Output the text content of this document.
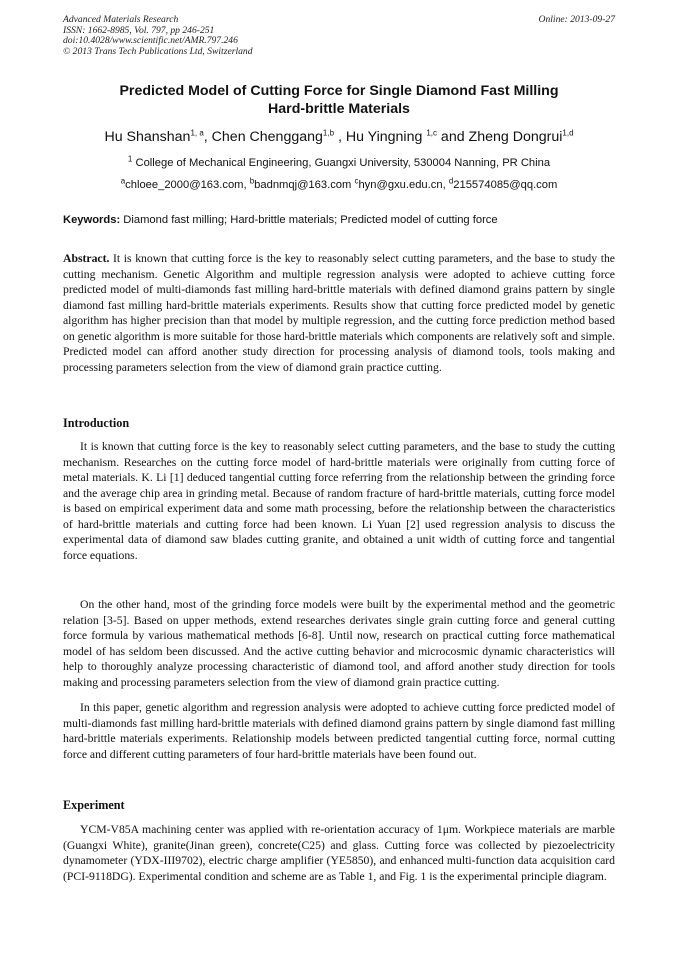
Advanced Materials Research
ISSN: 1662-8985, Vol. 797, pp 246-251
doi:10.4028/www.scientific.net/AMR.797.246
© 2013 Trans Tech Publications Ltd, Switzerland
Online: 2013-09-27
Predicted Model of Cutting Force for Single Diamond Fast Milling
Hard-brittle Materials
Hu Shanshan$^{1, a}$, Chen Chenggang$^{1,b}$ , Hu Yingning $^{1,c}$ and Zheng Dongrui$^{1,d}$
$^1$ College of Mechanical Engineering, Guangxi University, 530004 Nanning, PR China
$^a$chloee_2000@163.com, $^b$badnmqj@163.com $^c$hyn@gxu.edu.cn, $^d$215574085@qq.com
Keywords: Diamond fast milling; Hard-brittle materials; Predicted model of cutting force
Abstract. It is known that cutting force is the key to reasonably select cutting parameters, and the base to study the cutting mechanism. Genetic Algorithm and multiple regression analysis were adopted to achieve cutting force predicted model of multi-diamonds fast milling hard-brittle materials with defined diamond grains pattern by single diamond fast milling hard-brittle materials experiments. Results show that cutting force predicted model by genetic algorithm has higher precision than that model by multiple regression, and the cutting force prediction method based on genetic algorithm is more suitable for those hard-brittle materials which components are relatively soft and simple. Predicted model can afford another study direction for processing analysis of diamond tools, tools making and processing parameters selection from the view of diamond grain practice cutting.
Introduction

It is known that cutting force is the key to reasonably select cutting parameters, and the base to study the cutting mechanism. Researches on the cutting force model of hard-brittle materials were originally from cutting force of metal materials. K. Li [1] deduced tangential cutting force referring from the relationship between the grinding force and the average chip area in grinding metal. Because of random fracture of hard-brittle materials, cutting force model is based on empirical experiment data and some math processing, before the relationship between the characteristics of hard-brittle materials and cutting force had been known. Li Yuan [2] used regression analysis to discuss the experimental data of diamond saw blades cutting granite, and obtained a unit width of cutting force and tangential force equations.

On the other hand, most of the grinding force models were built by the experimental method and the geometric relation [3-5]. Based on upper methods, extend researches derivates single grain cutting force and general cutting force formula by various mathematical methods [6-8]. Until now, research on practical cutting force mathematical model of has seldom been discussed. And the active cutting behavior and microcosmic dynamic characteristics will help to thoroughly analyze processing characteristic of diamond tool, and afford another study direction for tools making and processing parameters selection from the view of diamond grain practice cutting.

In this paper, genetic algorithm and regression analysis were adopted to achieve cutting force predicted model of multi-diamonds fast milling hard-brittle materials with defined diamond grains pattern by single diamond fast milling hard-brittle materials experiments. Relationship models between predicted tangential cutting force, normal cutting force and different cutting parameters of four hard-brittle materials have been found out.

Experiment

YCM-V85A machining center was applied with re-orientation accuracy of 1μm. Workpiece materials are marble (Guangxi White), granite(Jinan green), concrete(C25) and glass. Cutting force was collected by piezoelectricity dynamometer (YDX-III9702), electric charge amplifier (YE5850), and enhanced multi-function data acquisition card (PCI-9118DG). Experimental condition and scheme are as Table 1, and Fig. 1 is the experimental principle diagram.
